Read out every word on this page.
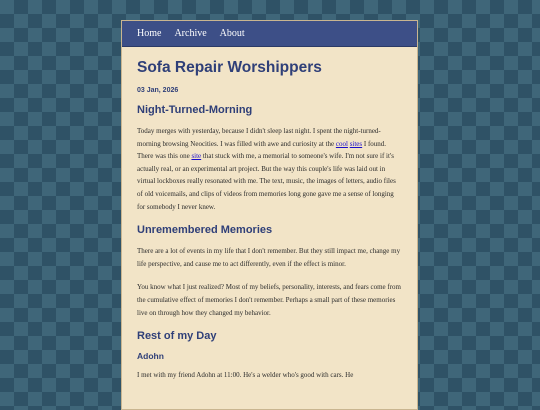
Home Archive About
Sofa Repair Worshippers
03 Jan, 2026
Night-Turned-Morning

Today merges with yesterday, because I didn't sleep last night. I spent the night-turned-morning browsing Neocities. I was filled with awe and curiosity at the cool sites I found. There was this one site that stuck with me, a memorial to someone's wife. I'm not sure if it's actually real, or an experimental art project. But the way this couple's life was laid out in virtual lockboxes really resonated with me. The text, music, the images of letters, audio files of old voicemails, and clips of videos from memories long gone gave me a sense of longing for somebody I never knew.

Unremembered Memories

There are a lot of events in my life that I don't remember. But they still impact me, change my life perspective, and cause me to act differently, even if the effect is minor.

You know what I just realized? Most of my beliefs, personality, interests, and fears come from the cumulative effect of memories I don't remember. Perhaps a small part of these memories live on through how they changed my behavior.

Rest of my Day
Adohn

I met with my friend Adohn at 11:00. He's a welder who's good with cars. He
